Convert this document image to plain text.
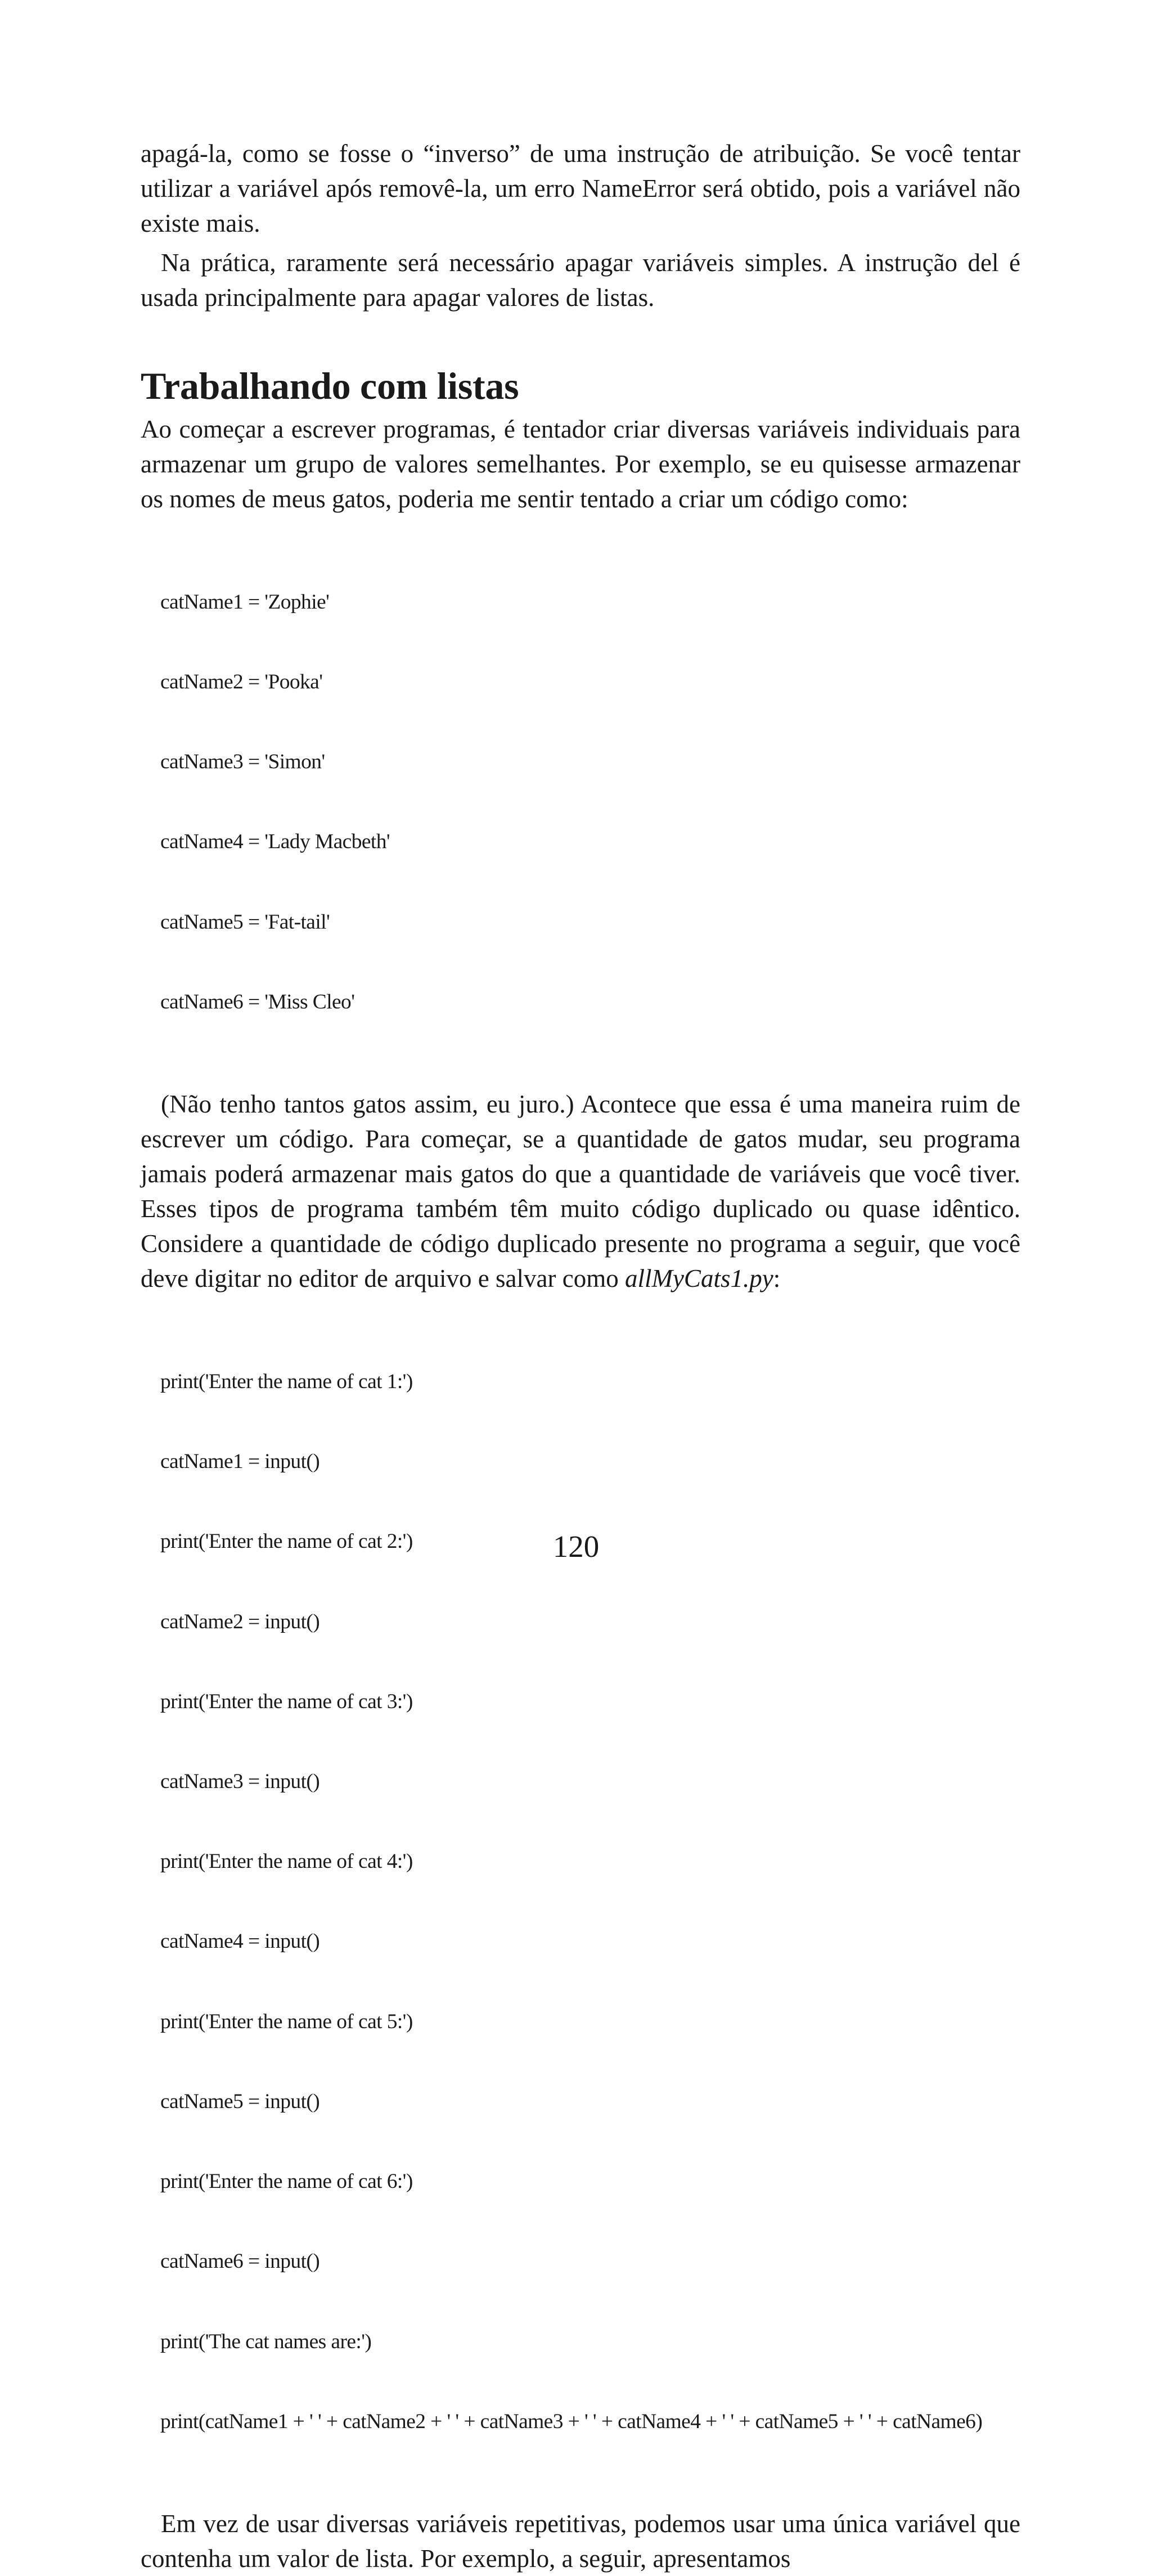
apagá-la, como se fosse o “inverso” de uma instrução de atribuição. Se você tentar utilizar a variável após removê-la, um erro NameError será obtido, pois a variável não existe mais.

Na prática, raramente será necessário apagar variáveis simples. A instrução del é usada principalmente para apagar valores de listas.

Trabalhando com listas

Ao começar a escrever programas, é tentador criar diversas variáveis individuais para armazenar um grupo de valores semelhantes. Por exemplo, se eu quisesse armazenar os nomes de meus gatos, poderia me sentir tentado a criar um código como:

catName1 = 'Zophie'

catName2 = 'Pooka'

catName3 = 'Simon'

catName4 = 'Lady Macbeth'

catName5 = 'Fat-tail'

catName6 = 'Miss Cleo'

(Não tenho tantos gatos assim, eu juro.) Acontece que essa é uma maneira ruim de escrever um código. Para começar, se a quantidade de gatos mudar, seu programa jamais poderá armazenar mais gatos do que a quantidade de variáveis que você tiver. Esses tipos de programa também têm muito código duplicado ou quase idêntico. Considere a quantidade de código duplicado presente no programa a seguir, que você deve digitar no editor de arquivo e salvar como allMyCats1.py:

print('Enter the name of cat 1:')

catName1 = input()

print('Enter the name of cat 2:')

catName2 = input()

print('Enter the name of cat 3:')

catName3 = input()

print('Enter the name of cat 4:')

catName4 = input()

print('Enter the name of cat 5:')

catName5 = input()

print('Enter the name of cat 6:')

catName6 = input()

print('The cat names are:')

print(catName1 + ' ' + catName2 + ' ' + catName3 + ' ' + catName4 + ' ' + catName5 + ' ' + catName6)

Em vez de usar diversas variáveis repetitivas, podemos usar uma única variável que contenha um valor de lista. Por exemplo, a seguir, apresentamos

120
